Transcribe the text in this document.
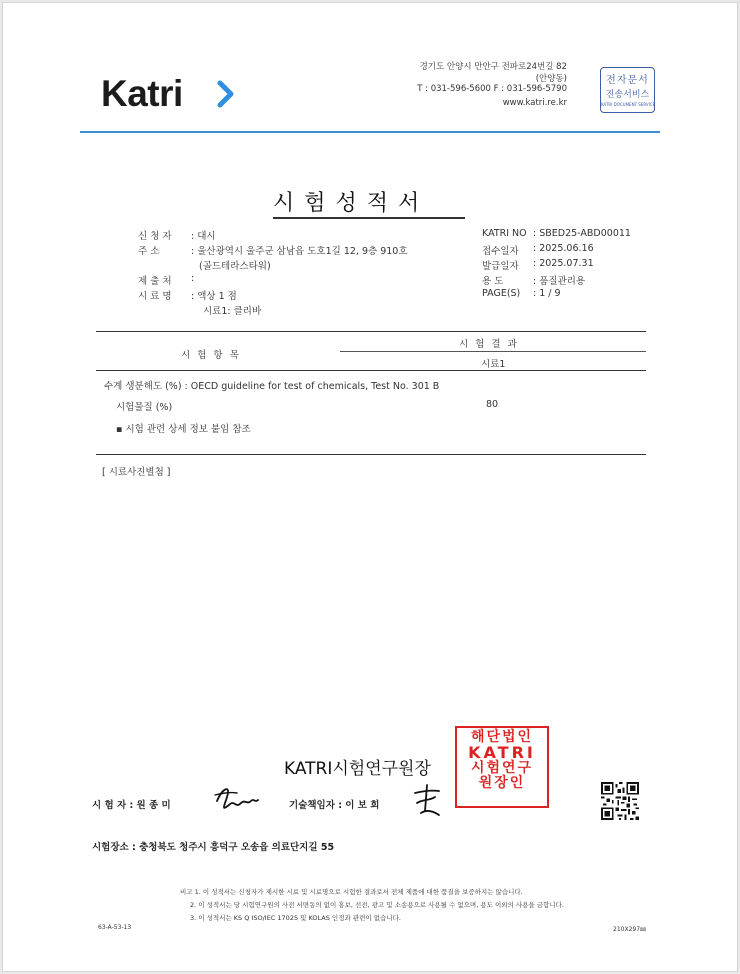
Katri
경기도 안양시 만안구 전파로24번길 82
(안양동)
T : 031-596-5600 F : 031-596-5790
www.katri.re.kr
전자문서
진송서비스
KATRI DOCUMENT SERVICE
시험성적서
신 청 자 : 대시
주 소	: 울산광역시 울주군 삼남읍 도호1길 12, 9층 910호
(골드테라스타워)
제 출 처 :
시 료 명 : 액상 1 점
시료1: 클리바
KATRI NO : SBED25-ABD00011
접수일자 : 2025.06.16
발급일자 : 2025.07.31
용 도	: 품질관리용
PAGE(S) : 1 / 9
시 험 항 목
시 험 결 과
시료1
수계 생분해도 (%) : OECD guideline for test of chemicals, Test No. 301 B
시험물질 (%)	80
▪ 시험 관련 상세 정보 붙임 참조
[ 시료사진별첨 ]
KATRI시험연구원장
해단법인
KATRI
시험연구
원장인
시 험 자 : 원 종 미	기술책임자 : 이 보 희
시험장소 : 충청북도 청주시 흥덕구 오송읍 의료단지길 55
비고 1. 이 성적서는 신청자가 제시한 시료 및 시료명으로 시험한 결과로서 전체 제품에 대한 품질을 보증하지는 않습니다.
2. 이 성적서는 당 시험연구원의 사전 서면동의 없이 홍보, 선전, 광고 및 소송용으로 사용될 수 없으며, 용도 이외의 사용을 금합니다.
3. 이 성적서는 KS Q ISO/IEC 17025 및 KOLAS 인정과 관련이 없습니다.
63-A-53-13	210X297㎜
